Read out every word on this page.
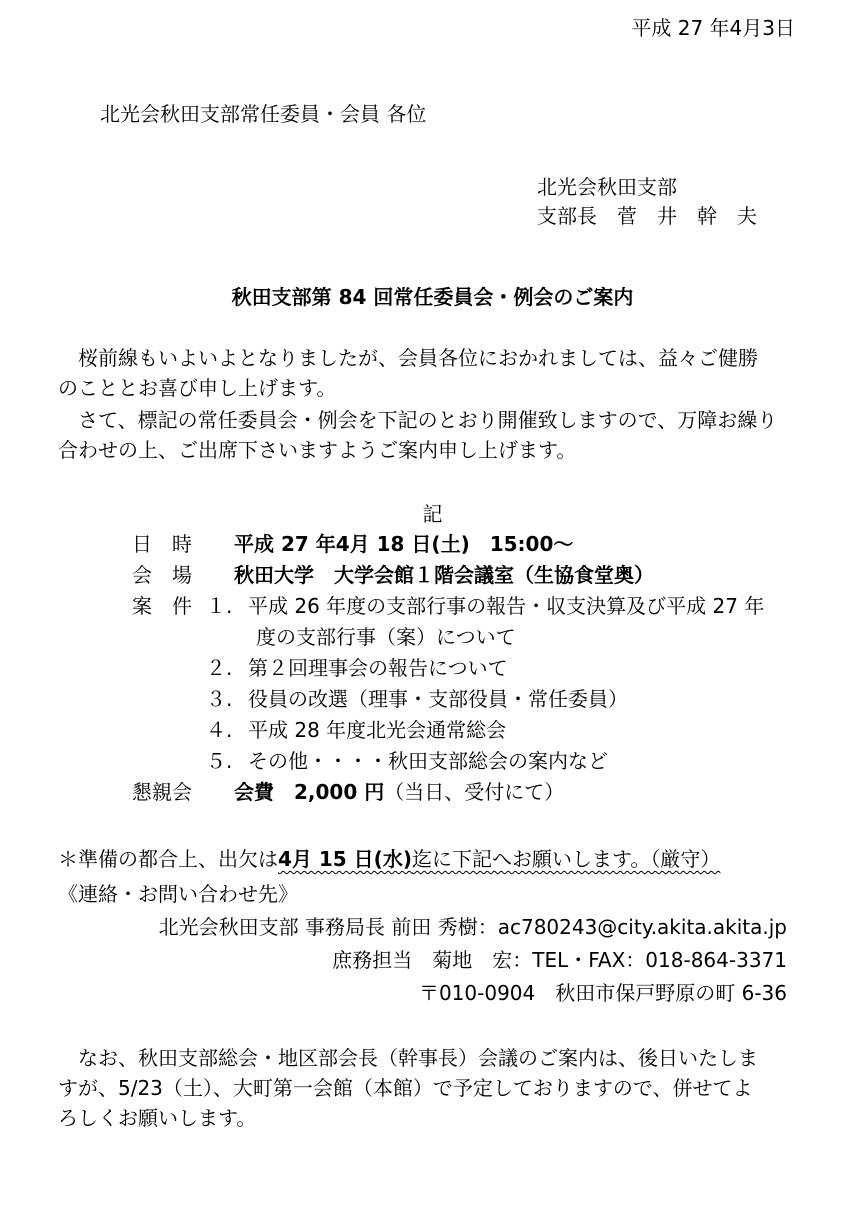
平成 27 年4月3日
北光会秋田支部常任委員・会員 各位
北光会秋田支部
支部長　菅　井　幹　夫
秋田支部第 84 回常任委員会・例会のご案内
　桜前線もいよいよとなりましたが、会員各位におかれましては、益々ご健勝
のこととお喜び申し上げます。
　さて、標記の常任委員会・例会を下記のとおり開催致しますので、万障お繰り
合わせの上、ご出席下さいますようご案内申し上げます。
記
日　時 平成 27 年4月 18 日(土)　15:00～
会　場 秋田大学　大学会館１階会議室（生協食堂奥）
案　件 １. 平成 26 年度の支部行事の報告・収支決算及び平成 27 年
度の支部行事（案）について
２. 第２回理事会の報告について
３. 役員の改選（理事・支部役員・常任委員）
４. 平成 28 年度北光会通常総会
５. その他・・・・秋田支部総会の案内など
懇親会 会費　2,000 円（当日、受付にて）
＊準備の都合上、出欠は4月 15 日(水)迄に下記へお願いします。（厳守）
《連絡・お問い合わせ先》
北光会秋田支部 事務局長 前田 秀樹：ac780243@city.akita.akita.jp
庶務担当　菊地　宏：TEL・FAX：018-864-3371
〒010-0904　秋田市保戸野原の町 6-36
　なお、秋田支部総会・地区部会長（幹事長）会議のご案内は、後日いたしま
すが、5/23（土）、大町第一会館（本館）で予定しておりますので、併せてよ
ろしくお願いします。
